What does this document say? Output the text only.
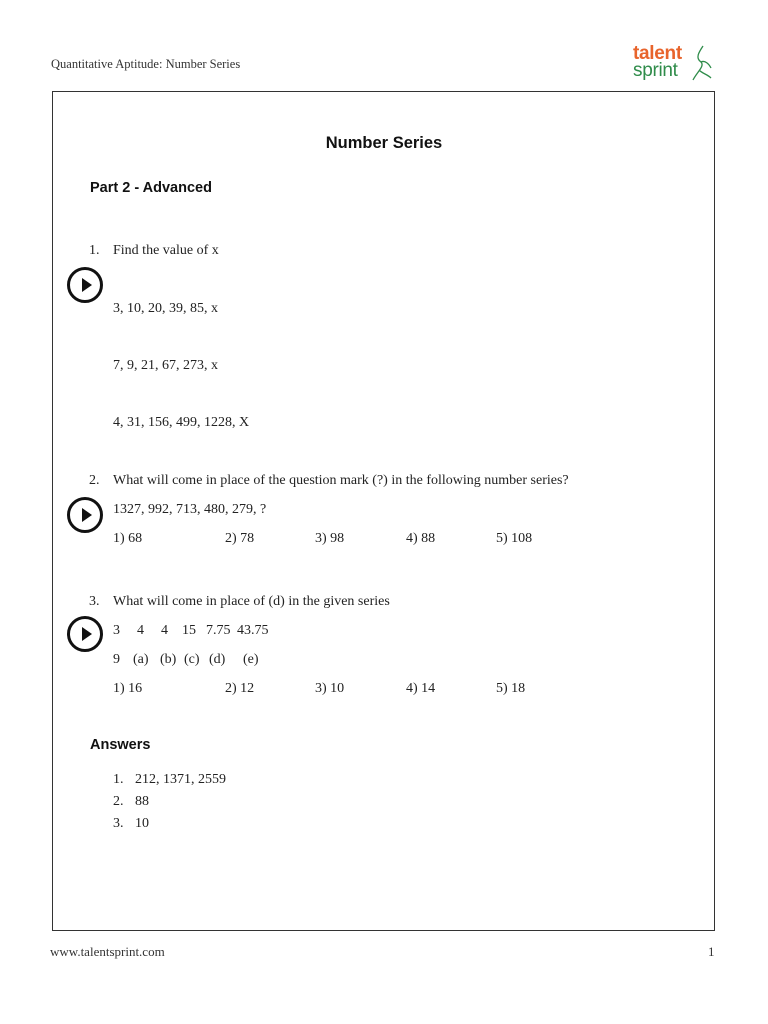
Quantitative Aptitude: Number Series	talent
sprint
Number Series
Part 2 - Advanced
1. Find the value of x
3, 10, 20, 39, 85, x
7, 9, 21, 67, 273, x
4, 31, 156, 499, 1228, X
2. What will come in place of the question mark (?) in the following number series?
1327, 992, 713, 480, 279, ?
1) 68	2) 78	3) 98	4) 88	5) 108
3. What will come in place of (d) in the given series
3 4 4 15 7.75 43.75
9 (a) (b) (c) (d) (e)
1) 16	2) 12	3) 10	4) 14	5) 18
Answers
1. 212, 1371, 2559
2. 88
3. 10
www.talentsprint.com	1
